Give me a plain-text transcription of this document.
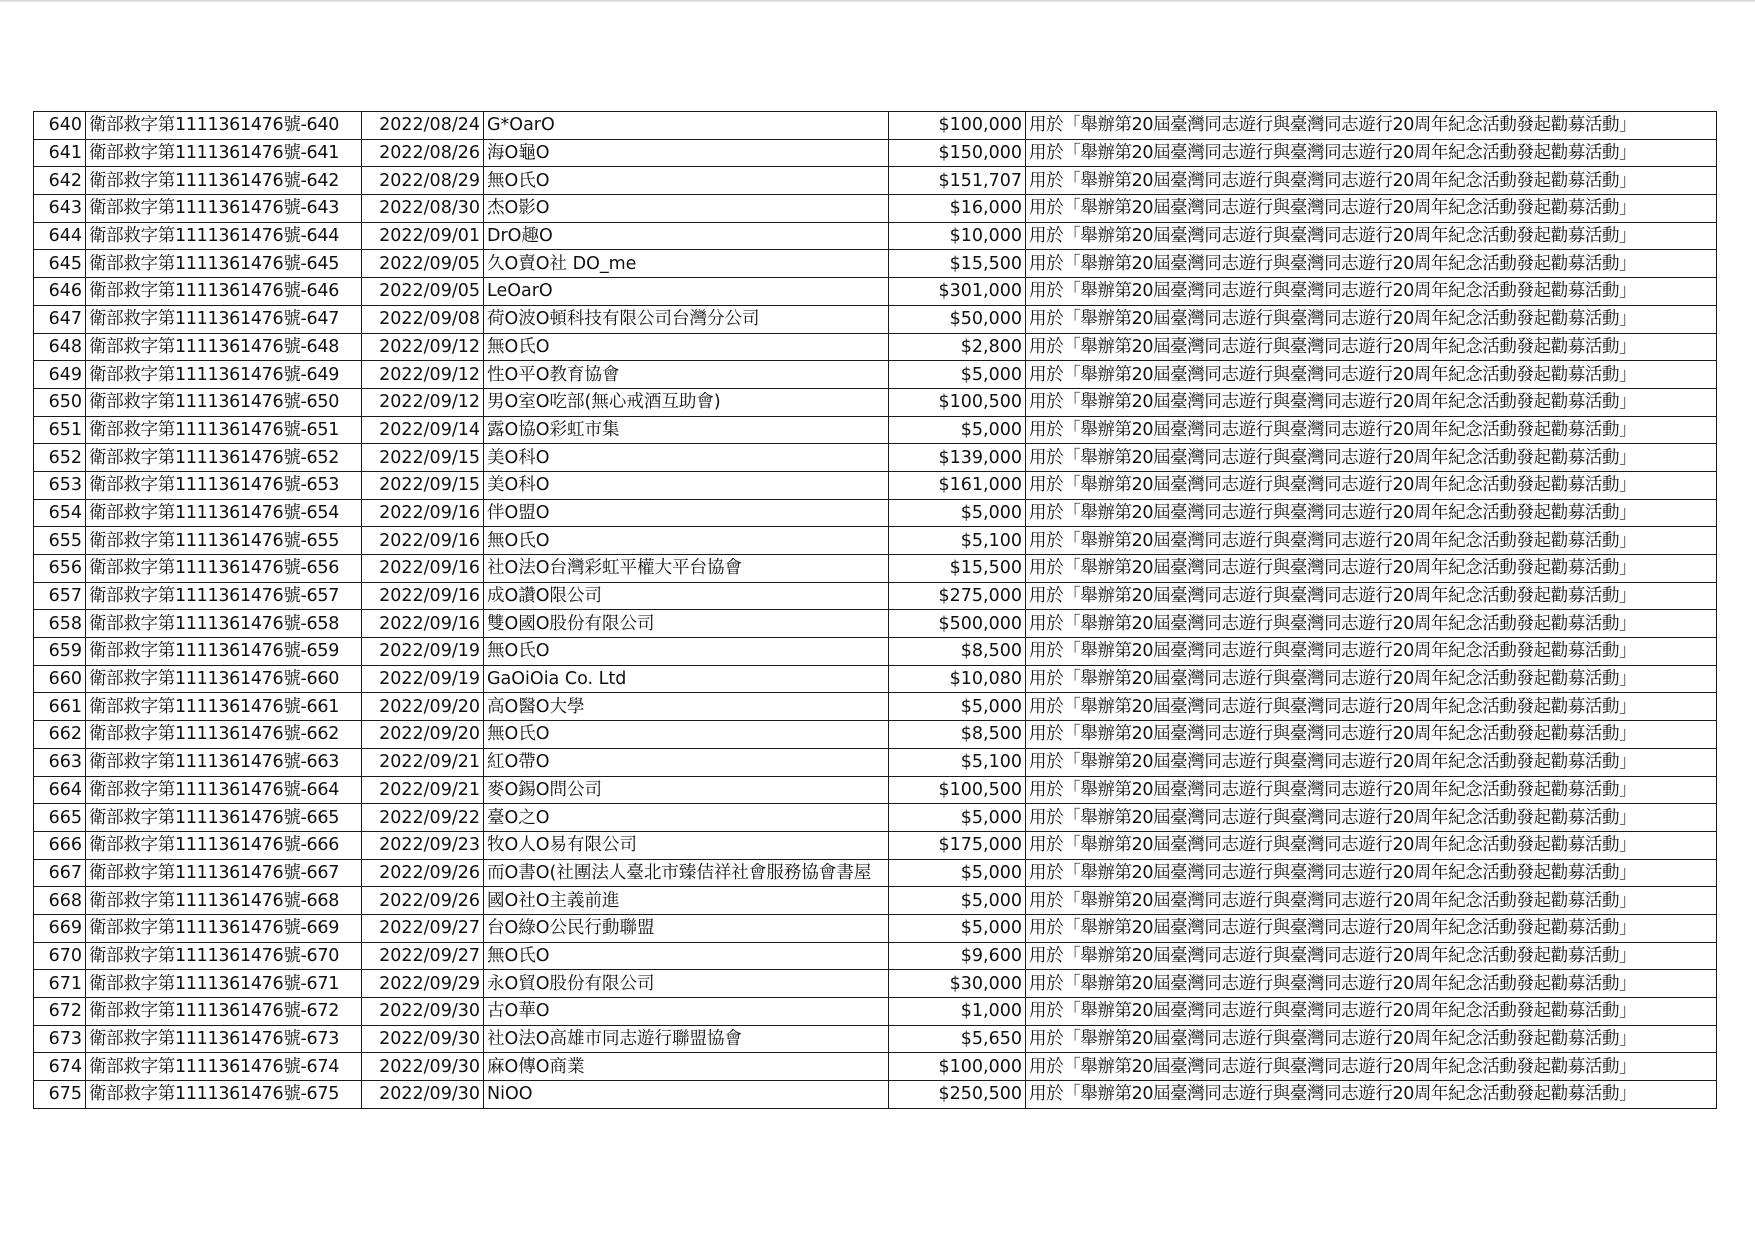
640	衛部救字第1111361476號-640	2022/08/24	G*OarO	$100,000	用於「舉辦第20屆臺灣同志遊行與臺灣同志遊行20周年紀念活動發起勸募活動」
641	衛部救字第1111361476號-641	2022/08/26	海O龜O	$150,000	用於「舉辦第20屆臺灣同志遊行與臺灣同志遊行20周年紀念活動發起勸募活動」
642	衛部救字第1111361476號-642	2022/08/29	無O氏O	$151,707	用於「舉辦第20屆臺灣同志遊行與臺灣同志遊行20周年紀念活動發起勸募活動」
643	衛部救字第1111361476號-643	2022/08/30	杰O影O	$16,000	用於「舉辦第20屆臺灣同志遊行與臺灣同志遊行20周年紀念活動發起勸募活動」
644	衛部救字第1111361476號-644	2022/09/01	DrO趣O	$10,000	用於「舉辦第20屆臺灣同志遊行與臺灣同志遊行20周年紀念活動發起勸募活動」
645	衛部救字第1111361476號-645	2022/09/05	久O賣O社 DO_me	$15,500	用於「舉辦第20屆臺灣同志遊行與臺灣同志遊行20周年紀念活動發起勸募活動」
646	衛部救字第1111361476號-646	2022/09/05	LeOarO	$301,000	用於「舉辦第20屆臺灣同志遊行與臺灣同志遊行20周年紀念活動發起勸募活動」
647	衛部救字第1111361476號-647	2022/09/08	荷O波O頓科技有限公司台灣分公司	$50,000	用於「舉辦第20屆臺灣同志遊行與臺灣同志遊行20周年紀念活動發起勸募活動」
648	衛部救字第1111361476號-648	2022/09/12	無O氏O	$2,800	用於「舉辦第20屆臺灣同志遊行與臺灣同志遊行20周年紀念活動發起勸募活動」
649	衛部救字第1111361476號-649	2022/09/12	性O平O教育協會	$5,000	用於「舉辦第20屆臺灣同志遊行與臺灣同志遊行20周年紀念活動發起勸募活動」
650	衛部救字第1111361476號-650	2022/09/12	男O室O吃部(無心戒酒互助會)	$100,500	用於「舉辦第20屆臺灣同志遊行與臺灣同志遊行20周年紀念活動發起勸募活動」
651	衛部救字第1111361476號-651	2022/09/14	露O協O彩虹市集	$5,000	用於「舉辦第20屆臺灣同志遊行與臺灣同志遊行20周年紀念活動發起勸募活動」
652	衛部救字第1111361476號-652	2022/09/15	美O科O	$139,000	用於「舉辦第20屆臺灣同志遊行與臺灣同志遊行20周年紀念活動發起勸募活動」
653	衛部救字第1111361476號-653	2022/09/15	美O科O	$161,000	用於「舉辦第20屆臺灣同志遊行與臺灣同志遊行20周年紀念活動發起勸募活動」
654	衛部救字第1111361476號-654	2022/09/16	伴O盟O	$5,000	用於「舉辦第20屆臺灣同志遊行與臺灣同志遊行20周年紀念活動發起勸募活動」
655	衛部救字第1111361476號-655	2022/09/16	無O氏O	$5,100	用於「舉辦第20屆臺灣同志遊行與臺灣同志遊行20周年紀念活動發起勸募活動」
656	衛部救字第1111361476號-656	2022/09/16	社O法O台灣彩虹平權大平台協會	$15,500	用於「舉辦第20屆臺灣同志遊行與臺灣同志遊行20周年紀念活動發起勸募活動」
657	衛部救字第1111361476號-657	2022/09/16	成O讚O限公司	$275,000	用於「舉辦第20屆臺灣同志遊行與臺灣同志遊行20周年紀念活動發起勸募活動」
658	衛部救字第1111361476號-658	2022/09/16	雙O國O股份有限公司	$500,000	用於「舉辦第20屆臺灣同志遊行與臺灣同志遊行20周年紀念活動發起勸募活動」
659	衛部救字第1111361476號-659	2022/09/19	無O氏O	$8,500	用於「舉辦第20屆臺灣同志遊行與臺灣同志遊行20周年紀念活動發起勸募活動」
660	衛部救字第1111361476號-660	2022/09/19	GaOiOia Co. Ltd	$10,080	用於「舉辦第20屆臺灣同志遊行與臺灣同志遊行20周年紀念活動發起勸募活動」
661	衛部救字第1111361476號-661	2022/09/20	高O醫O大學	$5,000	用於「舉辦第20屆臺灣同志遊行與臺灣同志遊行20周年紀念活動發起勸募活動」
662	衛部救字第1111361476號-662	2022/09/20	無O氏O	$8,500	用於「舉辦第20屆臺灣同志遊行與臺灣同志遊行20周年紀念活動發起勸募活動」
663	衛部救字第1111361476號-663	2022/09/21	紅O帶O	$5,100	用於「舉辦第20屆臺灣同志遊行與臺灣同志遊行20周年紀念活動發起勸募活動」
664	衛部救字第1111361476號-664	2022/09/21	麥O錫O問公司	$100,500	用於「舉辦第20屆臺灣同志遊行與臺灣同志遊行20周年紀念活動發起勸募活動」
665	衛部救字第1111361476號-665	2022/09/22	臺O之O	$5,000	用於「舉辦第20屆臺灣同志遊行與臺灣同志遊行20周年紀念活動發起勸募活動」
666	衛部救字第1111361476號-666	2022/09/23	牧O人O易有限公司	$175,000	用於「舉辦第20屆臺灣同志遊行與臺灣同志遊行20周年紀念活動發起勸募活動」
667	衛部救字第1111361476號-667	2022/09/26	而O書O(社團法人臺北市臻佶祥社會服務協會書屋	$5,000	用於「舉辦第20屆臺灣同志遊行與臺灣同志遊行20周年紀念活動發起勸募活動」
668	衛部救字第1111361476號-668	2022/09/26	國O社O主義前進	$5,000	用於「舉辦第20屆臺灣同志遊行與臺灣同志遊行20周年紀念活動發起勸募活動」
669	衛部救字第1111361476號-669	2022/09/27	台O綠O公民行動聯盟	$5,000	用於「舉辦第20屆臺灣同志遊行與臺灣同志遊行20周年紀念活動發起勸募活動」
670	衛部救字第1111361476號-670	2022/09/27	無O氏O	$9,600	用於「舉辦第20屆臺灣同志遊行與臺灣同志遊行20周年紀念活動發起勸募活動」
671	衛部救字第1111361476號-671	2022/09/29	永O貿O股份有限公司	$30,000	用於「舉辦第20屆臺灣同志遊行與臺灣同志遊行20周年紀念活動發起勸募活動」
672	衛部救字第1111361476號-672	2022/09/30	古O華O	$1,000	用於「舉辦第20屆臺灣同志遊行與臺灣同志遊行20周年紀念活動發起勸募活動」
673	衛部救字第1111361476號-673	2022/09/30	社O法O高雄市同志遊行聯盟協會	$5,650	用於「舉辦第20屆臺灣同志遊行與臺灣同志遊行20周年紀念活動發起勸募活動」
674	衛部救字第1111361476號-674	2022/09/30	麻O傳O商業	$100,000	用於「舉辦第20屆臺灣同志遊行與臺灣同志遊行20周年紀念活動發起勸募活動」
675	衛部救字第1111361476號-675	2022/09/30	NiOO	$250,500	用於「舉辦第20屆臺灣同志遊行與臺灣同志遊行20周年紀念活動發起勸募活動」
